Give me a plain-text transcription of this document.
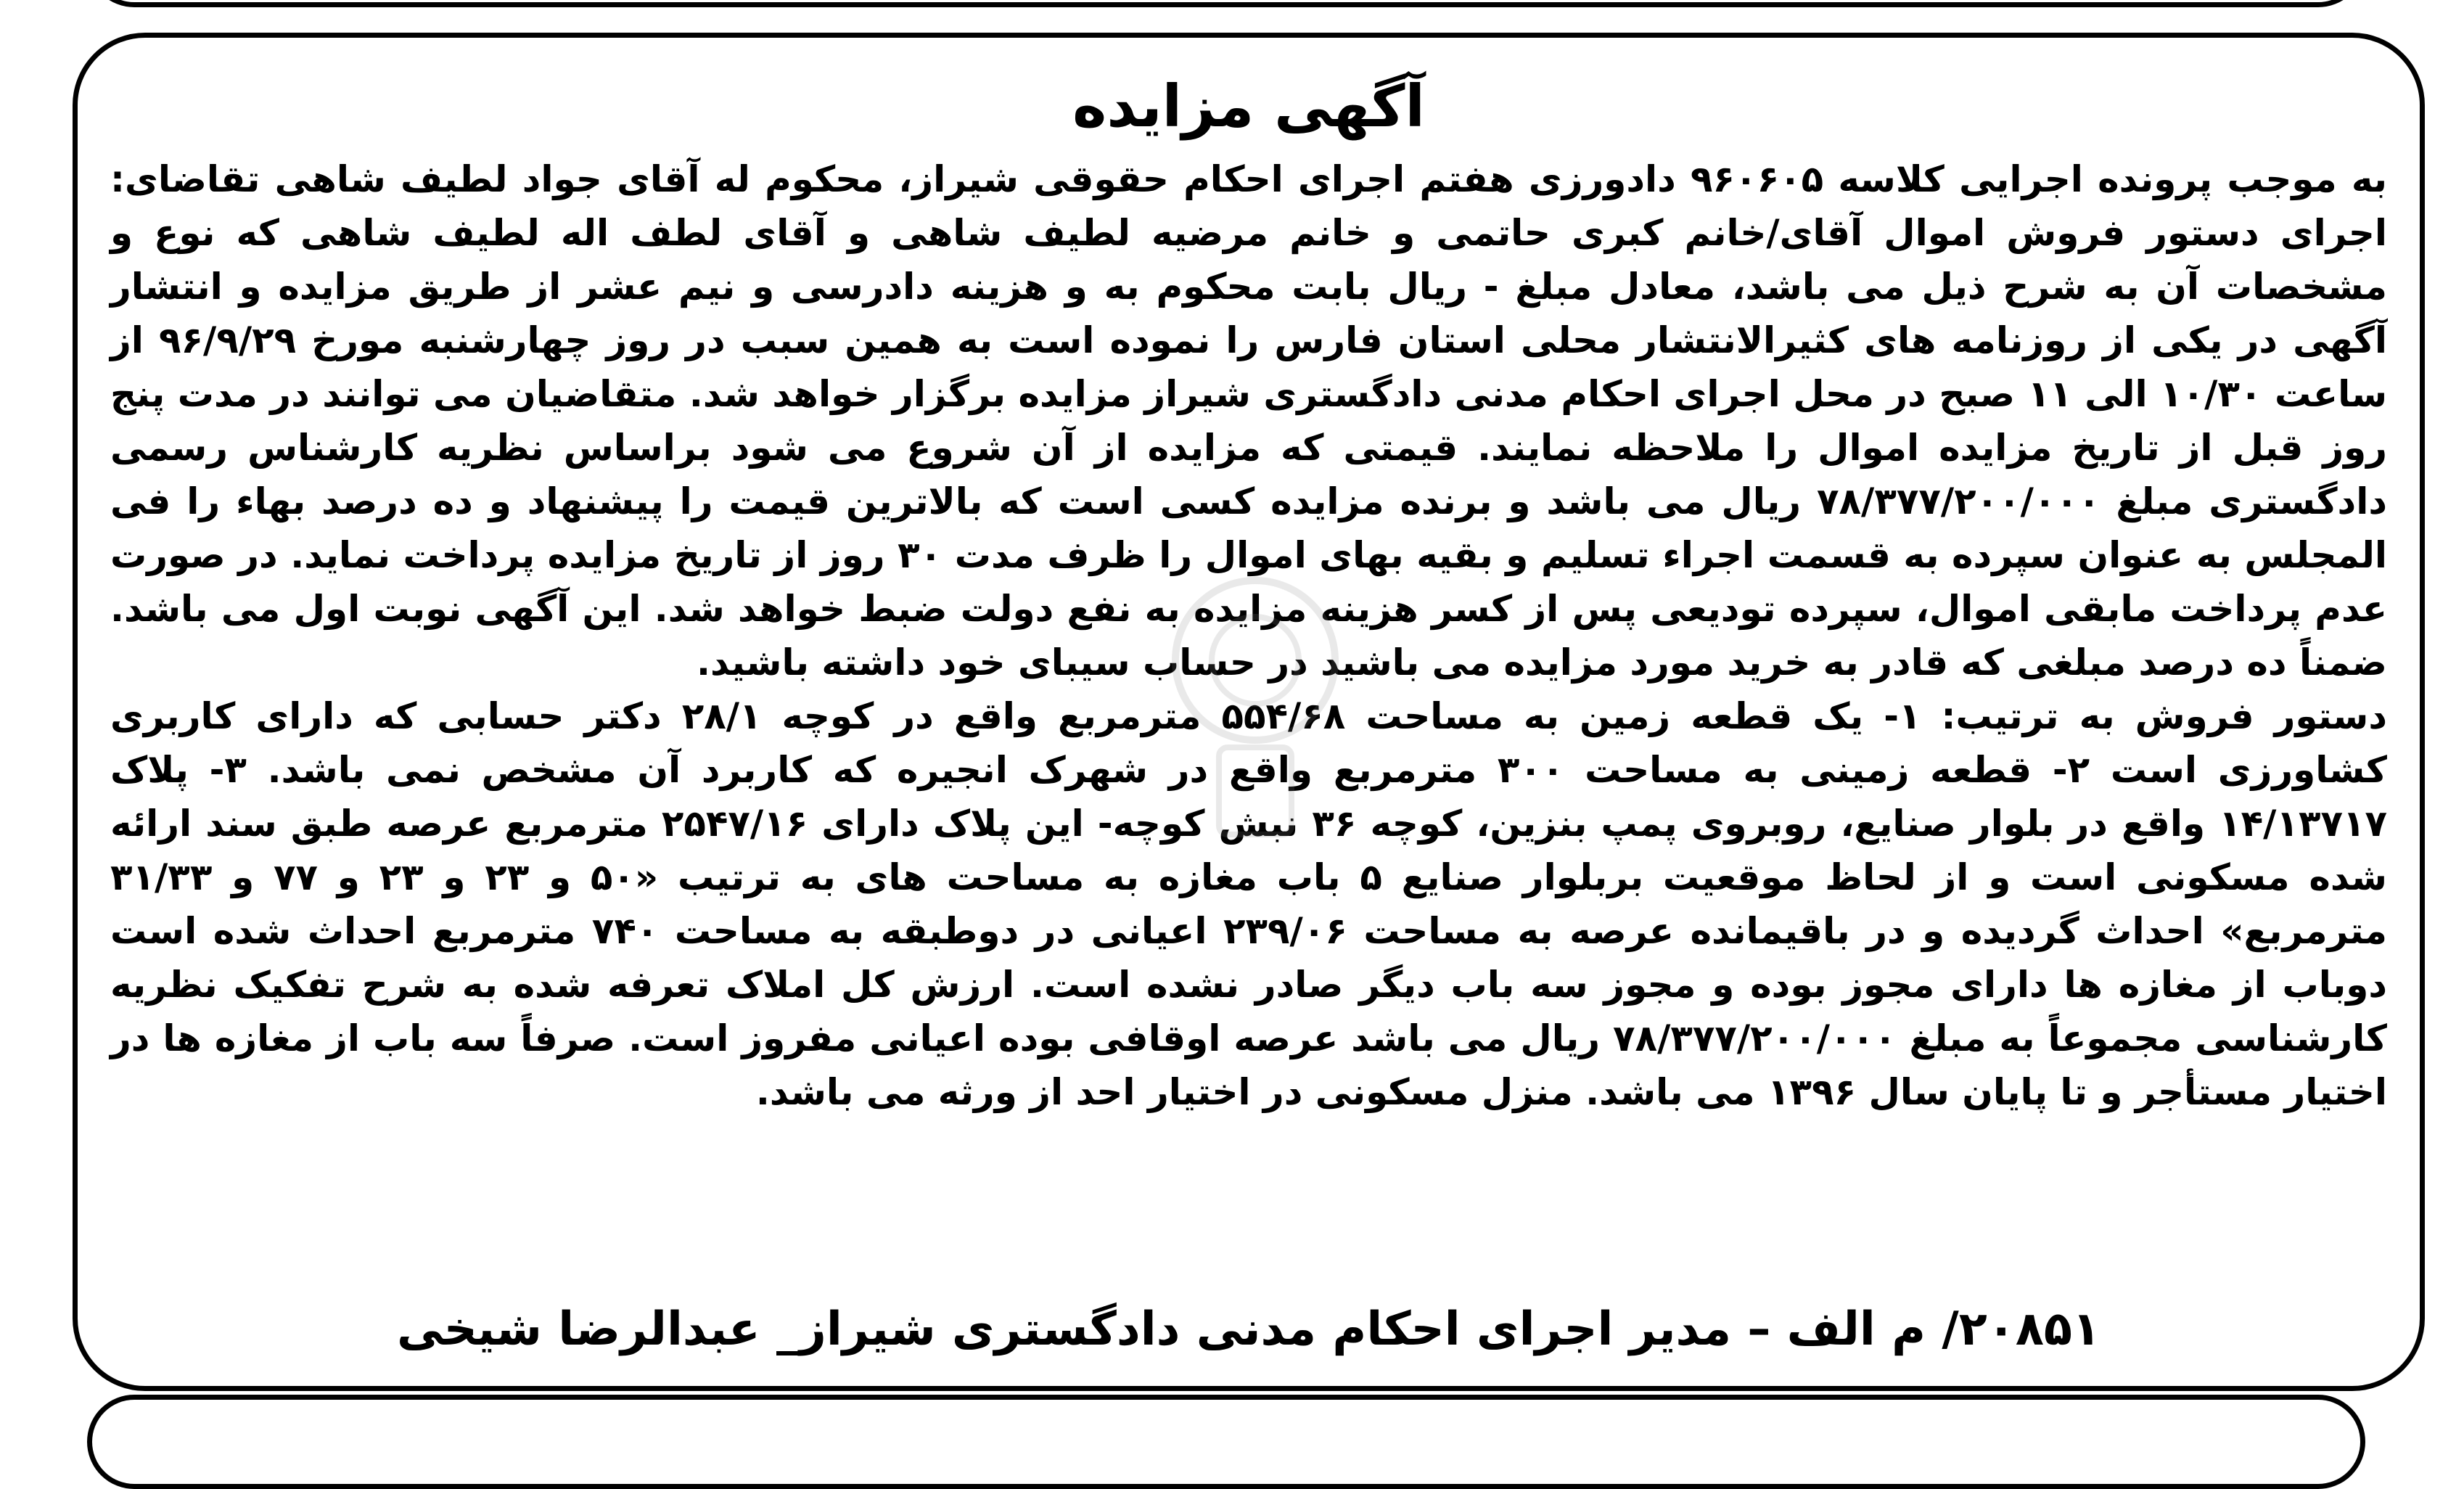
آگهی مزایده

به موجب پرونده اجرایی کلاسه ۹۶۰۶۰۵ دادورزی هفتم اجرای احکام حقوقی شیراز، محکوم له آقای جواد لطیف شاهی تقاضای: اجرای دستور فروش اموال آقای/خانم کبری حاتمی و خانم مرضیه لطیف شاهی و آقای لطف اله لطیف شاهی که نوع و مشخصات آن به شرح ذیل می باشد، معادل مبلغ - ریال بابت محکوم به و هزینه دادرسی و نیم عشر از طریق مزایده و انتشار آگهی در یکی از روزنامه های کثیرالانتشار محلی استان فارس را نموده است به همین سبب در روز چهارشنبه مورخ ۹۶/۹/۲۹ از ساعت ۱۰/۳۰ الی ۱۱ صبح در محل اجرای احکام مدنی دادگستری شیراز مزایده برگزار خواهد شد. متقاضیان می توانند در مدت پنج روز قبل از تاریخ مزایده اموال را ملاحظه نمایند. قیمتی که مزایده از آن شروع می شود براساس نظریه کارشناس رسمی دادگستری مبلغ ۷۸/۳۷۷/۲۰۰/۰۰۰ ریال می باشد و برنده مزایده کسی است که بالاترین قیمت را پیشنهاد و ده درصد بهاء را فی المجلس به عنوان سپرده به قسمت اجراء تسلیم و بقیه بهای اموال را ظرف مدت ۳۰ روز از تاریخ مزایده پرداخت نماید. در صورت عدم پرداخت مابقی اموال، سپرده تودیعی پس از کسر هزینه مزایده به نفع دولت ضبط خواهد شد. این آگهی نوبت اول می باشد. ضمناً ده درصد مبلغی که قادر به خرید مورد مزایده می باشید در حساب سیبای خود داشته باشید.

دستور فروش به ترتیب: ۱- یک قطعه زمین به مساحت ۵۵۴/۶۸ مترمربع واقع در کوچه ۲۸/۱ دکتر حسابی که دارای کاربری کشاورزی است ۲- قطعه زمینی به مساحت ۳۰۰ مترمربع واقع در شهرک انجیره که کاربرد آن مشخص نمی باشد. ۳- پلاک ۱۴/۱۳۷۱۷ واقع در بلوار صنایع، روبروی پمپ بنزین، کوچه ۳۶ نبش کوچه- این پلاک دارای ۲۵۴۷/۱۶ مترمربع عرصه طبق سند ارائه شده مسکونی است و از لحاظ موقعیت بربلوار صنایع ۵ باب مغازه به مساحت های به ترتیب «۵۰ و ۲۳ و ۲۳ و ۷۷ و ۳۱/۳۳ مترمربع» احداث گردیده و در باقیمانده عرصه به مساحت ۲۳۹/۰۶ اعیانی در دوطبقه به مساحت ۷۴۰ مترمربع احداث شده است دوباب از مغازه ها دارای مجوز بوده و مجوز سه باب دیگر صادر نشده است. ارزش کل املاک تعرفه شده به شرح تفکیک نظریه کارشناسی مجموعاً به مبلغ ۷۸/۳۷۷/۲۰۰/۰۰۰ ریال می باشد عرصه اوقافی بوده اعیانی مفروز است. صرفاً سه باب از مغازه ها در اختیار مستأجر و تا پایان سال ۱۳۹۶ می باشد. منزل مسکونی در اختیار احد از ورثه می باشد.

۲۰۸۵۱/ م الف – مدیر اجرای احکام مدنی دادگستری شیراز_ عبدالرضا شیخی
